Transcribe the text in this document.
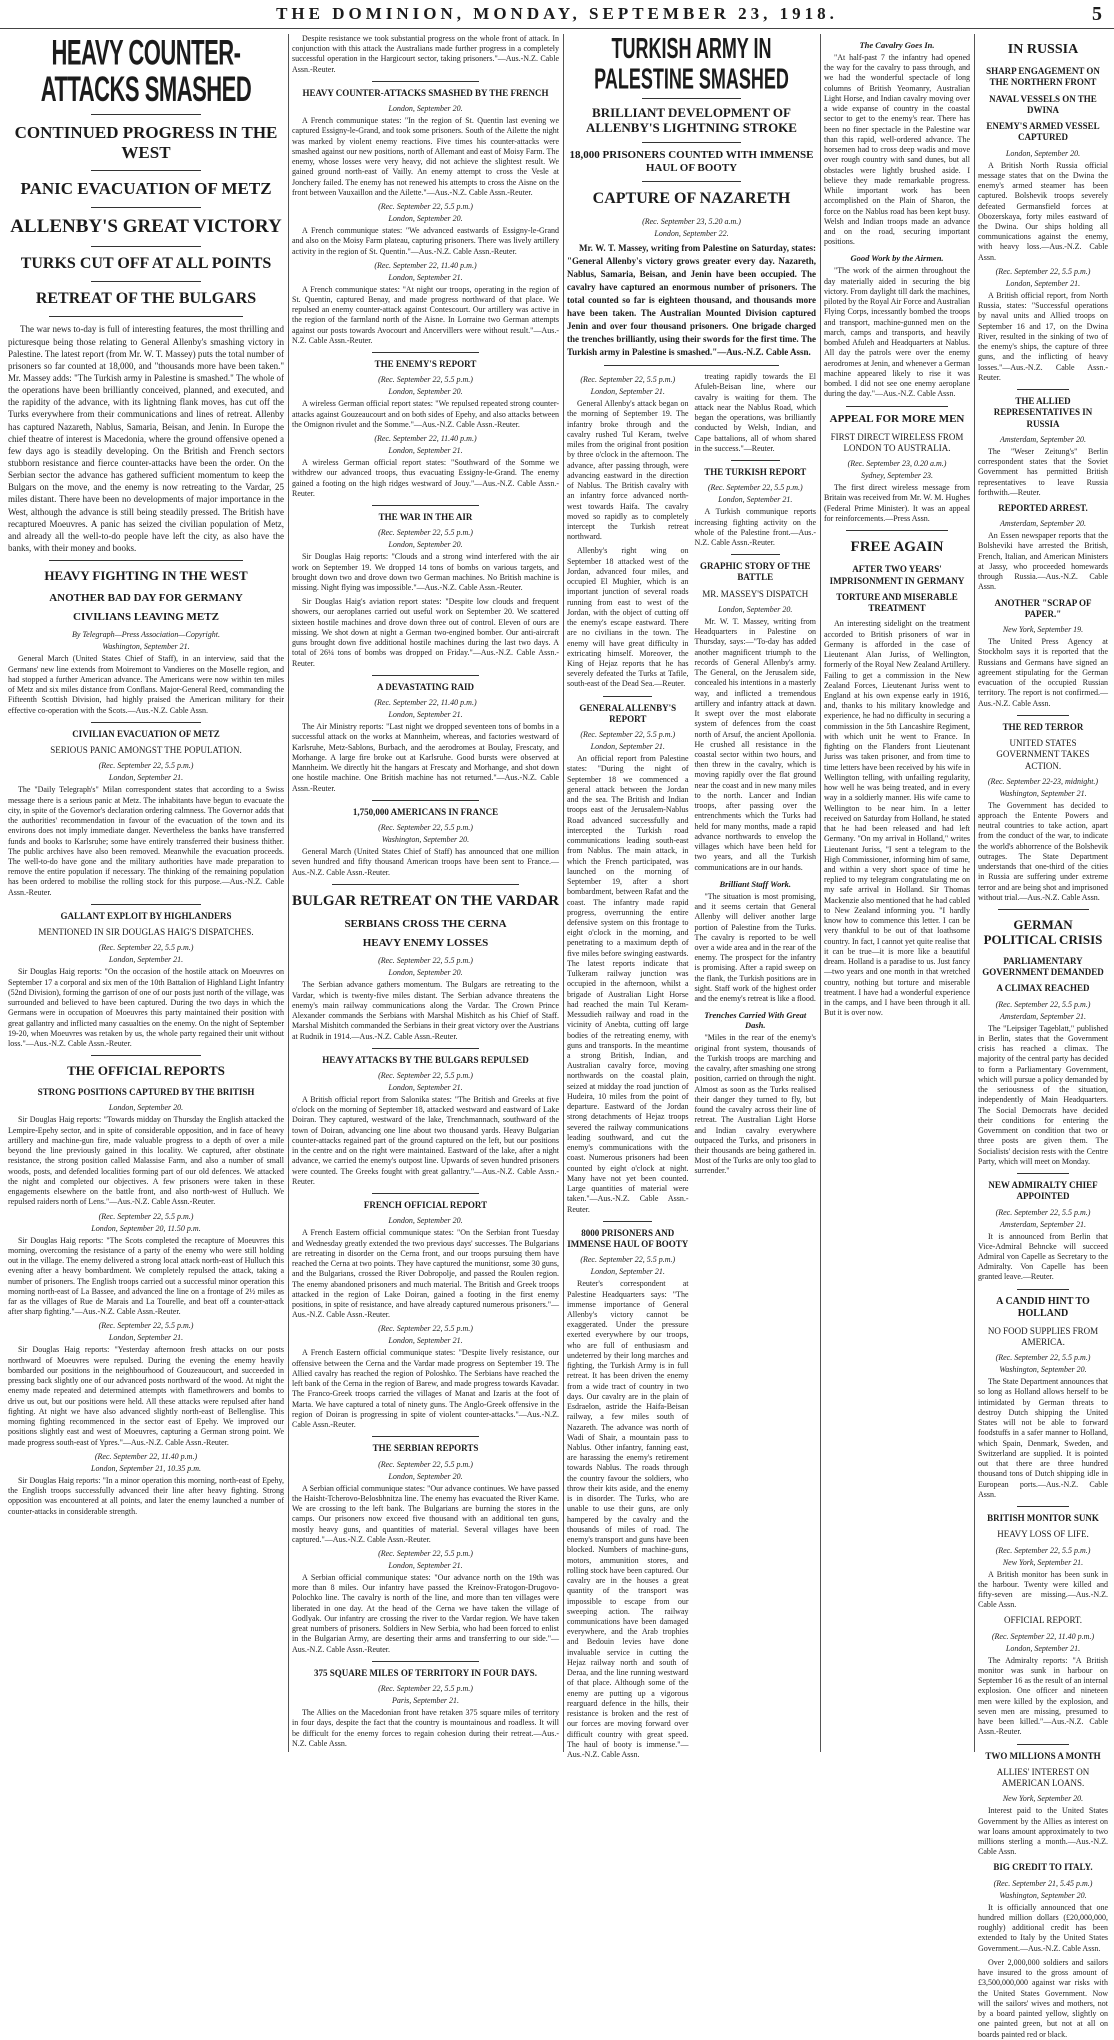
THE DOMINION, MONDAY, SEPTEMBER 23, 1918.	5
HEAVY COUNTER-ATTACKS SMASHED
CONTINUED PROGRESS IN THE WEST
PANIC EVACUATION OF METZ
ALLENBY'S GREAT VICTORY
TURKS CUT OFF AT ALL POINTS
RETREAT OF THE BULGARS

The war news to-day is full of interesting features, the most thrilling and picturesque being those relating to General Allenby's smashing victory in Palestine. The latest report (from Mr. W. T. Massey) puts the total number of prisoners so far counted at 18,000, and "thousands more have been taken." Mr. Massey adds: "The Turkish army in Palestine is smashed." The whole of the operations have been brilliantly conceived, planned, and executed, and the rapidity of the advance, with its lightning flank moves, has cut off the Turks everywhere from their communications and lines of retreat. Allenby has captured Nazareth, Nablus, Samaria, Beisan, and Jenin. In Europe the chief theatre of interest is Macedonia, where the ground offensive opened a few days ago is steadily developing. On the British and French sectors stubborn resistance and fierce counter-attacks have been the order. On the Serbian sector the advance has gathered sufficient momentum to keep the Bulgars on the move, and the enemy is now retreating to the Vardar, 25 miles distant. There have been no developments of major importance in the West, although the advance is still being steadily pressed. The British have recaptured Moeuvres. A panic has seized the civilian population of Metz, and already all the well-to-do people have left the city, as also have the banks, with their money and books.

HEAVY FIGHTING IN THE WEST
ANOTHER BAD DAY FOR GERMANY
CIVILIANS LEAVING METZ
By Telegraph—Press Association—Copyright.
Washington, September 21.

General March (United States Chief of Staff), in an interview, said that the Germans' new line extends from Moiremont to Vandieres on the Moselle region, and had stopped a further American advance. The Americans were now within ten miles of Metz and six miles distance from Conflans. Major-General Reed, commanding the Fifteenth Scottish Division, had highly praised the American military for their effective co-operation with the Scots.—Aus.-N.Z. Cable Assn.

CIVILIAN EVACUATION OF METZ
SERIOUS PANIC AMONGST THE POPULATION.
(Rec. September 22, 5.5 p.m.)
London, September 21.

The "Daily Telegraph's" Milan correspondent states that according to a Swiss message there is a serious panic at Metz. The inhabitants have begun to evacuate the city, in spite of the Governor's declaration ordering calmness. The Governor adds that the authorities' recommendation in favour of the evacuation of the town and its environs does not imply immediate danger. Nevertheless the banks have transferred funds and books to Karlsruhe; some have entirely transferred their business thither. The public archives have also been removed. Meanwhile the evacuation proceeds. The well-to-do have gone and the military authorities have made preparation to remove the entire population if necessary. The thinking of the remaining population has been ordered to mobilise the rolling stock for this purpose.—Aus.-N.Z. Cable Assn.-Reuter.

GALLANT EXPLOIT BY HIGHLANDERS
MENTIONED IN SIR DOUGLAS HAIG'S DISPATCHES.
(Rec. September 22, 5.5 p.m.)
London, September 21.

Sir Douglas Haig reports: "On the occasion of the hostile attack on Moeuvres on September 17 a corporal and six men of the 10th Battalion of Highland Light Infantry (52nd Division), forming the garrison of one of our posts just north of the village, was surrounded and believed to have been captured. During the two days in which the Germans were in occupation of Moeuvres this party maintained their position with great gallantry and inflicted many casualties on the enemy. On the night of September 19-20, when Moeuvres was retaken by us, the whole party regained their unit without loss."—Aus.-N.Z. Cable Assn.-Reuter.

THE OFFICIAL REPORTS
STRONG POSITIONS CAPTURED BY THE BRITISH
London, September 20.

Sir Douglas Haig reports: "Towards midday on Thursday the English attacked the Lempire-Epehy sector, and in spite of considerable opposition, and in face of heavy artillery and machine-gun fire, made valuable progress to a depth of over a mile beyond the line previously gained in this locality. We captured, after obstinate resistance, the strong position called Malassise Farm, and also a number of small woods, posts, and defended localities forming part of our old defences. We attacked the night and completed our objectives. A few prisoners were taken in these engagements elsewhere on the battle front, and also north-west of Hulluch. We repulsed raiders north of Lens."—Aus.-N.Z. Cable Assn.-Reuter.

(Rec. September 22, 5.5 p.m.)
London, September 20, 11.50 p.m.

Sir Douglas Haig reports: "The Scots completed the recapture of Moeuvres this morning, overcoming the resistance of a party of the enemy who were still holding out in the village. The enemy delivered a strong local attack north-east of Hulluch this evening after a heavy bombardment. We completely repulsed the attack, taking a number of prisoners. The English troops carried out a successful minor operation this morning north-east of La Bassee, and advanced the line on a frontage of 2½ miles as far as the villages of Rue de Marais and La Tourelle, and beat off a counter-attack after sharp fighting."—Aus.-N.Z. Cable Assn.-Reuter.

(Rec. September 22, 5.5 p.m.)
London, September 21.

Sir Douglas Haig reports: "Yesterday afternoon fresh attacks on our posts northward of Moeuvres were repulsed. During the evening the enemy heavily bombarded our positions in the neighbourhood of Gouzeaucourt, and succeeded in pressing back slightly one of our advanced posts northward of the wood. At night the enemy made repeated and determined attempts with flamethrowers and bombs to drive us out, but our positions were held. All these attacks were repulsed after hand fighting. At night we have also advanced slightly north-east of Bellenglise. This morning fighting recommenced in the sector east of Epehy. We improved our positions slightly east and west of Moeuvres, capturing a German strong point. We made progress south-east of Ypres."—Aus.-N.Z. Cable Assn.-Reuter.

(Rec. September 22, 11.40 p.m.)
London, September 21, 10.35 p.m.

Sir Douglas Haig reports: "In a minor operation this morning, north-east of Epehy, the English troops successfully advanced their line after heavy fighting. Strong opposition was encountered at all points, and later the enemy launched a number of counter-attacks in considerable strength.

Despite resistance we took substantial progress on the whole front of attack. In conjunction with this attack the Australians made further progress in a completely successful operation in the Hargicourt sector, taking prisoners."—Aus.-N.Z. Cable Assn.-Reuter.

HEAVY COUNTER-ATTACKS SMASHED BY THE FRENCH
London, September 20.

A French communique states: "In the region of St. Quentin last evening we captured Essigny-le-Grand, and took some prisoners. South of the Ailette the night was marked by violent enemy reactions. Five times his counter-attacks were smashed against our new positions, north of Allemant and east of Moisy Farm. The enemy, whose losses were very heavy, did not achieve the slightest result. We gained ground north-east of Vailly. An enemy attempt to cross the Vesle at Jonchery failed. The enemy has not renewed his attempts to cross the Aisne on the front between Vauxaillon and the Ailette."—Aus.-N.Z. Cable Assn.-Reuter.

(Rec. September 22, 5.5 p.m.)
London, September 20.

A French communique states: "We advanced eastwards of Essigny-le-Grand and also on the Moisy Farm plateau, capturing prisoners. There was lively artillery activity in the region of St. Quentin."—Aus.-N.Z. Cable Assn.-Reuter.

(Rec. September 22, 11.40 p.m.)
London, September 21.

A French communique states: "At night our troops, operating in the region of St. Quentin, captured Benay, and made progress northward of that place. We repulsed an enemy counter-attack against Contescourt. Our artillery was active in the region of the farmland north of the Aisne. In Lorraine two German attempts against our posts towards Avocourt and Ancervillers were without result."—Aus.-N.Z. Cable Assn.-Reuter.

THE ENEMY'S REPORT
(Rec. September 22, 5.5 p.m.)
London, September 20.

A wireless German official report states: "We repulsed repeated strong counter-attacks against Gouzeaucourt and on both sides of Epehy, and also attacks between the Omignon rivulet and the Somme."—Aus.-N.Z. Cable Assn.-Reuter.

(Rec. September 22, 11.40 p.m.)
London, September 21.

A wireless German official report states: "Southward of the Somme we withdrew our advanced troops, thus evacuating Essigny-le-Grand. The enemy gained a footing on the high ridges westward of Jouy."—Aus.-N.Z. Cable Assn.-Reuter.

THE WAR IN THE AIR
(Rec. September 22, 5.5 p.m.)
London, September 20.

Sir Douglas Haig reports: "Clouds and a strong wind interfered with the air work on September 19. We dropped 14 tons of bombs on various targets, and brought down two and drove down two German machines. No British machine is missing. Night flying was impossible."—Aus.-N.Z. Cable Assn.-Reuter.

Sir Douglas Haig's aviation report states: "Despite low clouds and frequent showers, our aeroplanes carried out useful work on September 20. We scattered sixteen hostile machines and drove down three out of control. Eleven of ours are missing. We shot down at night a German two-engined bomber. Our anti-aircraft guns brought down five additional hostile machines during the last two days. A total of 26¼ tons of bombs was dropped on Friday."—Aus.-N.Z. Cable Assn.-Reuter.

A DEVASTATING RAID
(Rec. September 22, 11.40 p.m.)
London, September 21.

The Air Ministry reports: "Last night we dropped seventeen tons of bombs in a successful attack on the works at Mannheim, whereas, and factories westward of Karlsruhe, Metz-Sablons, Burbach, and the aerodromes at Boulay, Frescaty, and Morhange. A large fire broke out at Karlsruhe. Good bursts were observed at Mannheim. We directly hit the hangars at Frescaty and Morhange, and shot down one hostile machine. One British machine has not returned."—Aus.-N.Z. Cable Assn.-Reuter.

1,750,000 AMERICANS IN FRANCE
(Rec. September 22, 5.5 p.m.)
Washington, September 20.

General March (United States Chief of Staff) has announced that one million seven hundred and fifty thousand American troops have been sent to France.—Aus.-N.Z. Cable Assn.-Reuter.

BULGAR RETREAT ON THE VARDAR
SERBIANS CROSS THE CERNA
HEAVY ENEMY LOSSES
(Rec. September 22, 5.5 p.m.)
London, September 20.

The Serbian advance gathers momentum. The Bulgars are retreating to the Vardar, which is twenty-five miles distant. The Serbian advance threatens the enemy's main railway communications along the Vardar. The Crown Prince Alexander commands the Serbians with Marshal Mishitch as his Chief of Staff. Marshal Mishitch commanded the Serbians in their great victory over the Austrians at Rudnik in 1914.—Aus.-N.Z. Cable Assn.-Reuter.

HEAVY ATTACKS BY THE BULGARS REPULSED
(Rec. September 22, 5.5 p.m.)
London, September 21.

A British official report from Salonika states: "The British and Greeks at five o'clock on the morning of September 18, attacked westward and eastward of Lake Doiran. They captured, westward of the lake, Trenchmannach, southward of the town of Doiran, advancing one line about two thousand yards. Heavy Bulgarian counter-attacks regained part of the ground captured on the left, but our positions in the centre and on the right were maintained. Eastward of the lake, after a night advance, we carried the enemy's outpost line. Upwards of seven hundred prisoners were counted. The Greeks fought with great gallantry."—Aus.-N.Z. Cable Assn.-Reuter.

FRENCH OFFICIAL REPORT
London, September 20.

A French Eastern official communique states: "On the Serbian front Tuesday and Wednesday greatly extended the two previous days' successes. The Bulgarians are retreating in disorder on the Cerna front, and our troops pursuing them have reached the Cerna at two points. They have captured the munitionsr, some 30 guns, and the Bulgarians, crossed the River Dobropolje, and passed the Roulen region. The enemy abandoned prisoners and much material. The British and Greek troops attacked in the region of Lake Doiran, gained a footing in the first enemy positions, in spite of resistance, and have already captured numerous prisoners."—Aus.-N.Z. Cable Assn.-Reuter.

(Rec. September 22, 5.5 p.m.)
London, September 21.

A French Eastern official communique states: "Despite lively resistance, our offensive between the Cerna and the Vardar made progress on September 19. The Allied cavalry has reached the region of Poloshko. The Serbians have reached the left bank of the Cerna in the region of Barew, and made progress towards Kavadar. The Franco-Greek troops carried the villages of Manat and Izaris at the foot of Marta. We have captured a total of ninety guns. The Anglo-Greek offensive in the region of Doiran is progressing in spite of violent counter-attacks."—Aus.-N.Z. Cable Assn.-Reuter.

THE SERBIAN REPORTS
(Rec. September 22, 5.5 p.m.)
London, September 20.

A Serbian official communique states: "Our advance continues. We have passed the Haisht-Tcherovo-Belosbhnitza line. The enemy has evacuated the River Kame. We are crossing to the left bank. The Bulgarians are burning the stores in the camps. Our prisoners now exceed five thousand with an additional ten guns, mostly heavy guns, and quantities of material. Several villages have been captured."—Aus.-N.Z. Cable Assn.-Reuter.

(Rec. September 22, 5.5 p.m.)
London, September 21.

A Serbian official communique states: "Our advance north on the 19th was more than 8 miles. Our infantry have passed the Kreinov-Fratogon-Drugovo-Polochko line. The cavalry is north of the line, and more than ten villages were liberated in one day. At the head of the Cerna we have taken the village of Godlyak. Our infantry are crossing the river to the Vardar region. We have taken great numbers of prisoners. Soldiers in New Serbia, who had been forced to enlist in the Bulgarian Army, are deserting their arms and transferring to our side."—Aus.-N.Z. Cable Assn.-Reuter.

375 SQUARE MILES OF TERRITORY IN FOUR DAYS.
(Rec. September 22, 5.5 p.m.)
Paris, September 21.

The Allies on the Macedonian front have retaken 375 square miles of territory in four days, despite the fact that the country is mountainous and roadless. It will be difficult for the enemy forces to regain cohesion during their retreat.—Aus.-N.Z. Cable Assn.

TURKISH ARMY IN PALESTINE SMASHED
BRILLIANT DEVELOPMENT OF ALLENBY'S LIGHTNING STROKE
18,000 PRISONERS COUNTED WITH IMMENSE HAUL OF BOOTY
CAPTURE OF NAZARETH
(Rec. September 23, 5.20 a.m.)
London, September 22.

Mr. W. T. Massey, writing from Palestine on Saturday, states: "General Allenby's victory grows greater every day. Nazareth, Nablus, Samaria, Beisan, and Jenin have been occupied. The cavalry have captured an enormous number of prisoners. The total counted so far is eighteen thousand, and thousands more have been taken. The Australian Mounted Division captured Jenin and over four thousand prisoners. One brigade charged the trenches brilliantly, using their swords for the first time. The Turkish army in Palestine is smashed."—Aus.-N.Z. Cable Assn.

(Rec. September 22, 5.5 p.m.)
London, September 21.

General Allenby's attack began on the morning of September 19. The infantry broke through and the cavalry rushed Tul Keram, twelve miles from the original front position by three o'clock in the afternoon. The advance, after passing through, were advancing eastward in the direction of Nablus. The British cavalry with an infantry force advanced north-west towards Haifa. The cavalry moved so rapidly as to completely intercept the Turkish retreat northward.

Allenby's right wing on September 18 attacked west of the Jordan, advanced four miles, and occupied El Mughier, which is an important junction of several roads running from east to west of the Jordan, with the object of cutting off the enemy's escape eastward. There are no civilians in the town. The enemy will have great difficulty in extricating himself. Moreover, the King of Hejaz reports that he has severely defeated the Turks at Tafile, south-east of the Dead Sea.—Reuter.

GENERAL ALLENBY'S REPORT
(Rec. September 22, 5.5 p.m.)
London, September 21.

An official report from Palestine states: "During the night of September 18 we commenced a general attack between the Jordan and the sea. The British and Indian troops east of the Jerusalem-Nablus Road advanced successfully and intercepted the Turkish road communications leading south-east from Nablus. The main attack, in which the French participated, was launched on the morning of September 19, after a short bombardment, between Rafat and the coast. The infantry made rapid progress, overrunning the entire defensive system on this frontage to eight o'clock in the morning, and penetrating to a maximum depth of five miles before swinging eastwards. The latest reports indicate that Tulkeram railway junction was occupied in the afternoon, whilst a brigade of Australian Light Horse had reached the main Tul Keram-Messudieh railway and road in the vicinity of Anebta, cutting off large bodies of the retreating enemy, with guns and transports. In the meantime a strong British, Indian, and Australian cavalry force, moving northwards on the coastal plain, seized at midday the road junction of Hudeira, 10 miles from the point of departure. Eastward of the Jordan strong detachments of Hejaz troops severed the railway communications leading southward, and cut the enemy's communications with the coast. Numerous prisoners had been counted by eight o'clock at night. Many have not yet been counted. Large quantities of material were taken."—Aus.-N.Z. Cable Assn.-Reuter.

8000 PRISONERS AND IMMENSE HAUL OF BOOTY
(Rec. September 22, 5.5 p.m.)
London, September 21.

Reuter's correspondent at Palestine Headquarters says: "The immense importance of General Allenby's victory cannot be exaggerated. Under the pressure exerted everywhere by our troops, who are full of enthusiasm and undeterred by their long marches and fighting, the Turkish Army is in full retreat. It has been driven the enemy from a wide tract of country in two days. Our cavalry are in the plain of Esdraelon, astride the Haifa-Beisan railway, a few miles south of Nazareth. The advance was north of Wadi of Shair, a mountain pass to Nablus. Other infantry, fanning east, are harassing the enemy's retirement towards Nablus. The roads through the country favour the soldiers, who throw their kits aside, and the enemy is in disorder. The Turks, who are unable to use their guns, are only hampered by the cavalry and the thousands of miles of road. The enemy's transport and guns have been blocked. Numbers of machine-guns, motors, ammunition stores, and rolling stock have been captured. Our cavalry are in the houses a great quantity of the transport was impossible to escape from our sweeping action. The railway communications have been damaged everywhere, and the Arab trophies and Bedouin levies have done invaluable service in cutting the Hejaz railway north and south of Deraa, and the line running westward of that place. Although some of the enemy are putting up a vigorous rearguard defence in the hills, their resistance is broken and the rest of our forces are moving forward over difficult country with great speed. The haul of booty is immense."—Aus.-N.Z. Cable Assn.

treating rapidly towards the El Afuleh-Beisan line, where our cavalry is waiting for them. The attack near the Nablus Road, which began the operations, was brilliantly conducted by Welsh, Indian, and Cape battalions, all of whom shared in the success."—Reuter.

THE TURKISH REPORT
(Rec. September 22, 5.5 p.m.)
London, September 21.

A Turkish communique reports increasing fighting activity on the whole of the Palestine front.—Aus.-N.Z. Cable Assn.-Reuter.

GRAPHIC STORY OF THE BATTLE
MR. MASSEY'S DISPATCH
London, September 20.

Mr. W. T. Massey, writing from Headquarters in Palestine on Thursday, says:—"To-day has added another magnificent triumph to the records of General Allenby's army. The General, on the Jerusalem side, concealed his intentions in a masterly way, and inflicted a tremendous artillery and infantry attack at dawn. It swept over the most elaborate system of defences from the coast north of Arsuf, the ancient Apollonia. He crushed all resistance in the coastal sector within two hours, and then threw in the cavalry, which is moving rapidly over the flat ground near the coast and in new many miles to the north. Lancer and Indian troops, after passing over the entrenchments which the Turks had held for many months, made a rapid advance northwards to envelop the villages which have been held for two years, and all the Turkish communications are in our hands.

Brilliant Staff Work.

"The situation is most promising, and it seems certain that General Allenby will deliver another large portion of Palestine from the Turks. The cavalry is reported to be well over a wide area and in the rear of the enemy. The prospect for the infantry is promising. After a rapid sweep on the flank, the Turkish positions are in sight. Staff work of the highest order and the enemy's retreat is like a flood.

Trenches Carried With Great Dash.

"Miles in the rear of the enemy's original front system, thousands of the Turkish troops are marching and the cavalry, after smashing one strong position, carried on through the night. Almost as soon as the Turks realised their danger they turned to fly, but found the cavalry across their line of retreat. The Australian Light Horse and Indian cavalry everywhere outpaced the Turks, and prisoners in their thousands are being gathered in. Most of the Turks are only too glad to surrender."

The Cavalry Goes In.

"At half-past 7 the infantry had opened the way for the cavalry to pass through, and we had the wonderful spectacle of long columns of British Yeomanry, Australian Light Horse, and Indian cavalry moving over a wide expanse of country in the coastal sector to get to the enemy's rear. There has been no finer spectacle in the Palestine war than this rapid, well-ordered advance. The horsemen had to cross deep wadis and move over rough country with sand dunes, but all obstacles were lightly brushed aside. I believe they made remarkable progress. While important work has been accomplished on the Plain of Sharon, the force on the Nablus road has been kept busy. Welsh and Indian troops made an advance and on the road, securing important positions.

Good Work by the Airmen.

"The work of the airmen throughout the day materially aided in securing the big victory. From daylight till dark the machines, piloted by the Royal Air Force and Australian Flying Corps, incessantly bombed the troops and transport, machine-gunned men on the march, camps and transports, and heavily bombed Afuleh and Headquarters at Nablus. All day the patrols were over the enemy aerodromes at Jenin, and whenever a German machine appeared likely to rise it was bombed. I did not see one enemy aeroplane during the day."—Aus.-N.Z. Cable Assn.

APPEAL FOR MORE MEN
FIRST DIRECT WIRELESS FROM LONDON TO AUSTRALIA.
(Rec. September 23, 0.20 a.m.)
Sydney, September 23.

The first direct wireless message from Britain was received from Mr. W. M. Hughes (Federal Prime Minister). It was an appeal for reinforcements.—Press Assn.

FREE AGAIN
AFTER TWO YEARS' IMPRISONMENT IN GERMANY
TORTURE AND MISERABLE TREATMENT

An interesting sidelight on the treatment accorded to British prisoners of war in Germany is afforded in the case of Lieutenant Alan Juriss, of Wellington, formerly of the Royal New Zealand Artillery. Failing to get a commission in the New Zealand Forces, Lieutenant Juriss went to England at his own expense early in 1916, and, thanks to his military knowledge and experience, he had no difficulty in securing a commission in the 5th Lancashire Regiment, with which unit he went to France. In fighting on the Flanders front Lieutenant Juriss was taken prisoner, and from time to time letters have been received by his wife in Wellington telling, with unfailing regularity, how well he was being treated, and in every way in a soldierly manner. His wife came to Wellington to be near him. In a letter received on Saturday from Holland, he stated that he had been released and had left Germany. "On my arrival in Holland," writes Lieutenant Juriss, "I sent a telegram to the High Commissioner, informing him of same, and within a very short space of time he replied to my telegram congratulating me on my safe arrival in Holland. Sir Thomas Mackenzie also mentioned that he had cabled to New Zealand informing you. "I hardly know how to commence this letter. I can be very thankful to be out of that loathsome country. In fact, I cannot yet quite realise that it can be true—it is more like a beautiful dream. Holland is a paradise to us. Just fancy—two years and one month in that wretched country, nothing but torture and miserable treatment. I have had a wonderful experience in the camps, and I have been through it all. But it is over now.

IN RUSSIA
SHARP ENGAGEMENT ON THE NORTHERN FRONT
NAVAL VESSELS ON THE DWINA
ENEMY'S ARMED VESSEL CAPTURED
London, September 20.

A British North Russia official message states that on the Dwina the enemy's armed steamer has been captured. Bolshevik troops severely defeated Germansfield forces at Obozerskaya, forty miles eastward of the Dwina. Our ships holding all communications against the enemy, with heavy loss.—Aus.-N.Z. Cable Assn.

(Rec. September 22, 5.5 p.m.)
London, September 21.

A British official report, from North Russia, states: "Successful operations by naval units and Allied troops on September 16 and 17, on the Dwina River, resulted in the sinking of two of the enemy's ships, the capture of three guns, and the inflicting of heavy losses."—Aus.-N.Z. Cable Assn.-Reuter.

THE ALLIED REPRESENTATIVES IN RUSSIA
Amsterdam, September 20.

The "Weser Zeitung's" Berlin correspondent states that the Soviet Government has permitted British representatives to leave Russia forthwith.—Reuter.

REPORTED ARREST.
Amsterdam, September 20.

An Essen newspaper reports that the Bolsheviki have arrested the British, French, Italian, and American Ministers at Jassy, who proceeded homewards through Russia.—Aus.-N.Z. Cable Assn.

ANOTHER "SCRAP OF PAPER."
New York, September 19.

The United Press Agency at Stockholm says it is reported that the Russians and Germans have signed an agreement stipulating for the German evacuation of the occupied Russian territory. The report is not confirmed.—Aus.-N.Z. Cable Assn.

THE RED TERROR
UNITED STATES GOVERNMENT TAKES ACTION.
(Rec. September 22-23, midnight.)
Washington, September 21.

The Government has decided to approach the Entente Powers and neutral countries to take action, apart from the conduct of the war, to indicate the world's abhorrence of the Bolshevik outrages. The State Department understands that one-third of the cities in Russia are suffering under extreme terror and are being shot and imprisoned without trial.—Aus.-N.Z. Cable Assn.

GERMAN POLITICAL CRISIS
PARLIAMENTARY GOVERNMENT DEMANDED
A CLIMAX REACHED
(Rec. September 22, 5.5 p.m.)
Amsterdam, September 21.

The "Leipsiger Tageblatt," published in Berlin, states that the Government crisis has reached a climax. The majority of the central party has decided to form a Parliamentary Government, which will pursue a policy demanded by the seriousness of the situation, independently of Main Headquarters. The Social Democrats have decided their conditions for entering the Government on condition that two or three posts are given them. The Socialists' decision rests with the Centre Party, which will meet on Monday.

NEW ADMIRALTY CHIEF APPOINTED
(Rec. September 22, 5.5 p.m.)
Amsterdam, September 21.

It is announced from Berlin that Vice-Admiral Behncke will succeed Admiral von Capelle as Secretary to the Admiralty. Von Capelle has been granted leave.—Reuter.

A CANDID HINT TO HOLLAND
NO FOOD SUPPLIES FROM AMERICA.
(Rec. September 22, 5.5 p.m.)
Washington, September 20.

The State Department announces that so long as Holland allows herself to be intimidated by German threats to destroy Dutch shipping the United States will not be able to forward foodstuffs in a safer manner to Holland, which Spain, Denmark, Sweden, and Switzerland are supplied. It is pointed out that there are three hundred thousand tons of Dutch shipping idle in European ports.—Aus.-N.Z. Cable Assn.

BRITISH MONITOR SUNK
HEAVY LOSS OF LIFE.
(Rec. September 22, 5.5 p.m.)
New York, September 21.

A British monitor has been sunk in the harbour. Twenty were killed and fifty-seven are missing.—Aus.-N.Z. Cable Assn.

OFFICIAL REPORT.
(Rec. September 22, 11.40 p.m.)
London, September 21.

The Admiralty reports: "A British monitor was sunk in harbour on September 16 as the result of an internal explosion. One officer and nineteen men were killed by the explosion, and seven men are missing, presumed to have been killed."—Aus.-N.Z. Cable Assn.-Reuter.

TWO MILLIONS A MONTH
ALLIES' INTEREST ON AMERICAN LOANS.
New York, September 20.

Interest paid to the United States Government by the Allies as interest on war loans amount approximately to two millions sterling a month.—Aus.-N.Z. Cable Assn.

BIG CREDIT TO ITALY.
(Rec. September 21, 5.45 p.m.)
Washington, September 20.

It is officially announced that one hundred million dollars (£20,000,000, roughly) additional credit has been extended to Italy by the United States Government.—Aus.-N.Z. Cable Assn.

Over 2,000,000 soldiers and sailors have insured to the gross amount of £3,500,000,000 against war risks with the United States Government. Now will the sailors' wives and mothers, not by a board painted yellow, slightly on one painted green, but not at all on boards painted red or black.
